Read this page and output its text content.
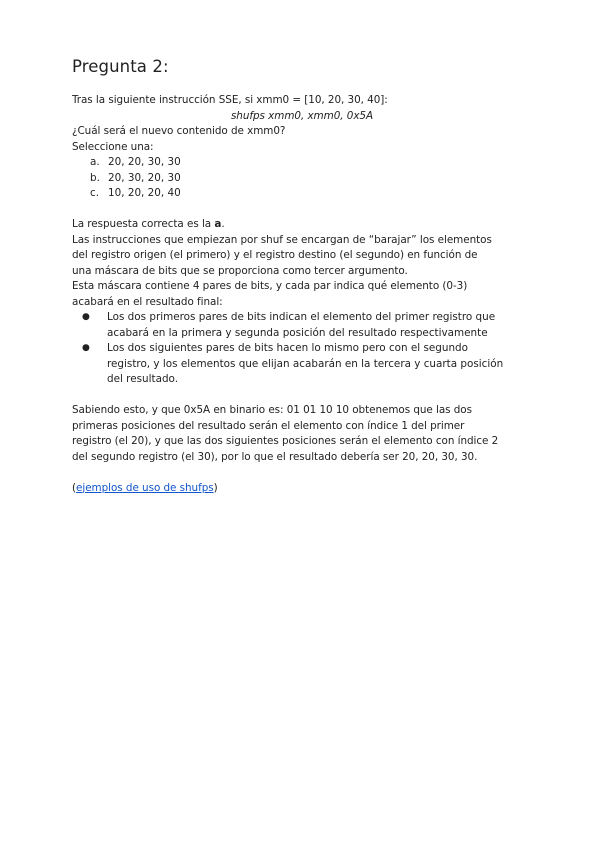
Pregunta 2:

Tras la siguiente instrucción SSE, si xmm0 = [10, 20, 30, 40]:

shufps xmm0, xmm0, 0x5A

¿Cuál será el nuevo contenido de xmm0?

Seleccione una:

a. 20, 20, 30, 30
b. 20, 30, 20, 30
c. 10, 20, 20, 40

La respuesta correcta es la a.

Las instrucciones que empiezan por shuf se encargan de “barajar” los elementos

del registro origen (el primero) y el registro destino (el segundo) en función de

una máscara de bits que se proporciona como tercer argumento.

Esta máscara contiene 4 pares de bits, y cada par indica qué elemento (0-3)

acabará en el resultado final:

●	Los dos primeros pares de bits indican el elemento del primer registro que
acabará en la primera y segunda posición del resultado respectivamente
●	Los dos siguientes pares de bits hacen lo mismo pero con el segundo
registro, y los elementos que elijan acabarán en la tercera y cuarta posición
del resultado.

Sabiendo esto, y que 0x5A en binario es: 01 01 10 10 obtenemos que las dos

primeras posiciones del resultado serán el elemento con índice 1 del primer

registro (el 20), y que las dos siguientes posiciones serán el elemento con índice 2

del segundo registro (el 30), por lo que el resultado debería ser 20, 20, 30, 30.

(ejemplos de uso de shufps)
